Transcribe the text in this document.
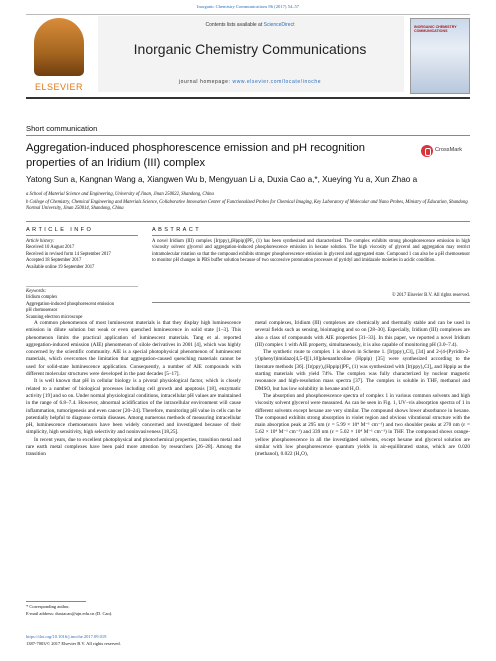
Inorganic Chemistry Communications 86 (2017) 54–57
ELSEVIER
Contents lists available at ScienceDirect
Inorganic Chemistry Communications
journal homepage: www.elsevier.com/locate/inoche
INORGANIC CHEMISTRY COMMUNICATIONS
Short communication
Aggregation-induced phosphorescence emission and pH recognition properties of an Iridium (III) complex
CrossMark
Yatong Sun a, Kangnan Wang a, Xiangwen Wu b, Mengyuan Li a, Duxia Cao a,*, Xueying Yu a, Xun Zhao a
a School of Material Science and Engineering, University of Jinan, Jinan 250022, Shandong, China
b College of Chemistry, Chemical Engineering and Materials Science, Collaborative Innovation Center of Functionalized Probes for Chemical Imaging, Key Laboratory of Molecular and Nano Probes, Ministry of Education, Shandong Normal University, Jinan 250014, Shandong, China
ARTICLE INFO	ABSTRACT
Article history:
Received 10 August 2017
Received in revised form 14 September 2017
Accepted 18 September 2017
Available online 19 September 2017
Keywords:
Iridium complex
Aggregation-induced phosphorescent emission
pH chemosensor
Scanning electron microscope
A novel Iridium (III) complex [Ir(ppy)₂(Hppip)]PF₆ (1) has been synthesized and characterized. The complex exhibits strong phosphorescence emission in high viscosity solvent glycerol and aggregation-induced phosphorescence emission in hexane solution. The high viscosity of glycerol and aggregation may restrict intramolecular rotation so that the compound exhibits stronger phosphorescence emission in glycerol and aggregated state. Compound 1 can also be a pH chemosensor to monitor pH changes in PBS buffer solution because of two successive protonation processes of pyridyl and imidazole moieties in acidic condition.
© 2017 Elsevier B.V. All rights reserved.

A common phenomenon of most luminescent materials is that they display high luminescence emission in dilute solution but weak or even quenched luminescence in solid state [1–3]. This phenomenon limits the practical application of luminescent materials. Tang et al. reported aggregation-induced emission (AIE) phenomenon of silole derivatives in 2001 [4], which was highly concerned by the scientific community. AIE is a special photophysical phenomenon of luminescent materials, which overcomes the limitation that aggregation-caused quenching materials cannot be used for solid-state luminescence application. Consequently, a number of AIE compounds with different molecular structures were developed in the past decades [5–17].

It is well known that pH in cellular biology is a pivotal physiological factor, which is closely related to a number of biological processes including cell growth and apoptosis [18], enzymatic activity [19] and so on. Under normal physiological conditions, intracellular pH values are maintained in the range of 6.8–7.4. However, abnormal acidification of the intracellular environment will cause inflammation, tumorigenesis and even cancer [20–24]. Therefore, monitoring pH value in cells can be potentially helpful to diagnose certain diseases. Among numerous methods of measuring intracellular pH, luminescence chemosensors have been widely concerned and investigated because of their simplicity, high sensitivity, high selectivity and noninvasiveness [18,25].

In recent years, due to excellent photophysical and photochemical properties, transition metal and rare earth metal complexes have been paid more attention by researchers [26–28]. Among the transition

metal complexes, Iridium (III) complexes are chemically and thermally stable and can be used in several fields such as sensing, bioimaging and so on [28–30]. Especially, Iridium (III) complexes are also a class of compounds with AIE properties [31–33]. In this paper, we reported a novel Iridium (III) complex 1 with AIE property, simultaneously, it is also capable of monitoring pH (3.0–7.4).

The synthetic route to complex 1 is shown in Scheme 1. [Ir(ppy)₂Cl]₂ [34] and 2-(4-(Pyridin-2-yl)phenyl)imidazo[4,5-f][1,10]phenanthroline (Hppip) [35] were synthesized according to the literature methods [36]. [Ir(ppy)₂(Hppip)]PF₆ (1) was synthesized with [Ir(ppy)₂Cl]₂ and Hppip as the starting materials with yield 74%. The complex was fully characterized by nuclear magnetic resonance and high-resolution mass spectra [37]. The complex is soluble in THF, methanol and DMSO, but has low solubility in hexane and H₂O.

The absorption and phosphorescence spectra of complex 1 in various common solvents and high viscosity solvent glycerol were measured. As can be seen in Fig. 1, UV–vis absorption spectra of 1 in different solvents except hexane are very similar. The compound shows lower absorbance in hexane. The compound exhibits strong absorption in violet region and obvious vibrational structure with the main absorption peak at 295 nm (ε = 5.99 × 10⁴ M⁻¹ cm⁻¹) and two shoulder peaks at 270 nm (ε = 5.62 × 10⁴ M⁻¹ cm⁻¹) and 339 nm (ε = 5.02 × 10⁴ M⁻¹ cm⁻¹) in THF. The compound shows orange-yellow phosphorescence in all the investigated solvents, except hexane and glycerol solution are similar with low phosphorescence quantum yields in air-equilibrated status, which are 0.020 (methanol), 0.022 (H₂O),

* Corresponding author.
E-mail address: duxiacao@ujn.edu.cn (D. Cao).
https://doi.org/10.1016/j.inoche.2017.09.019
1387-7003/© 2017 Elsevier B.V. All rights reserved.
